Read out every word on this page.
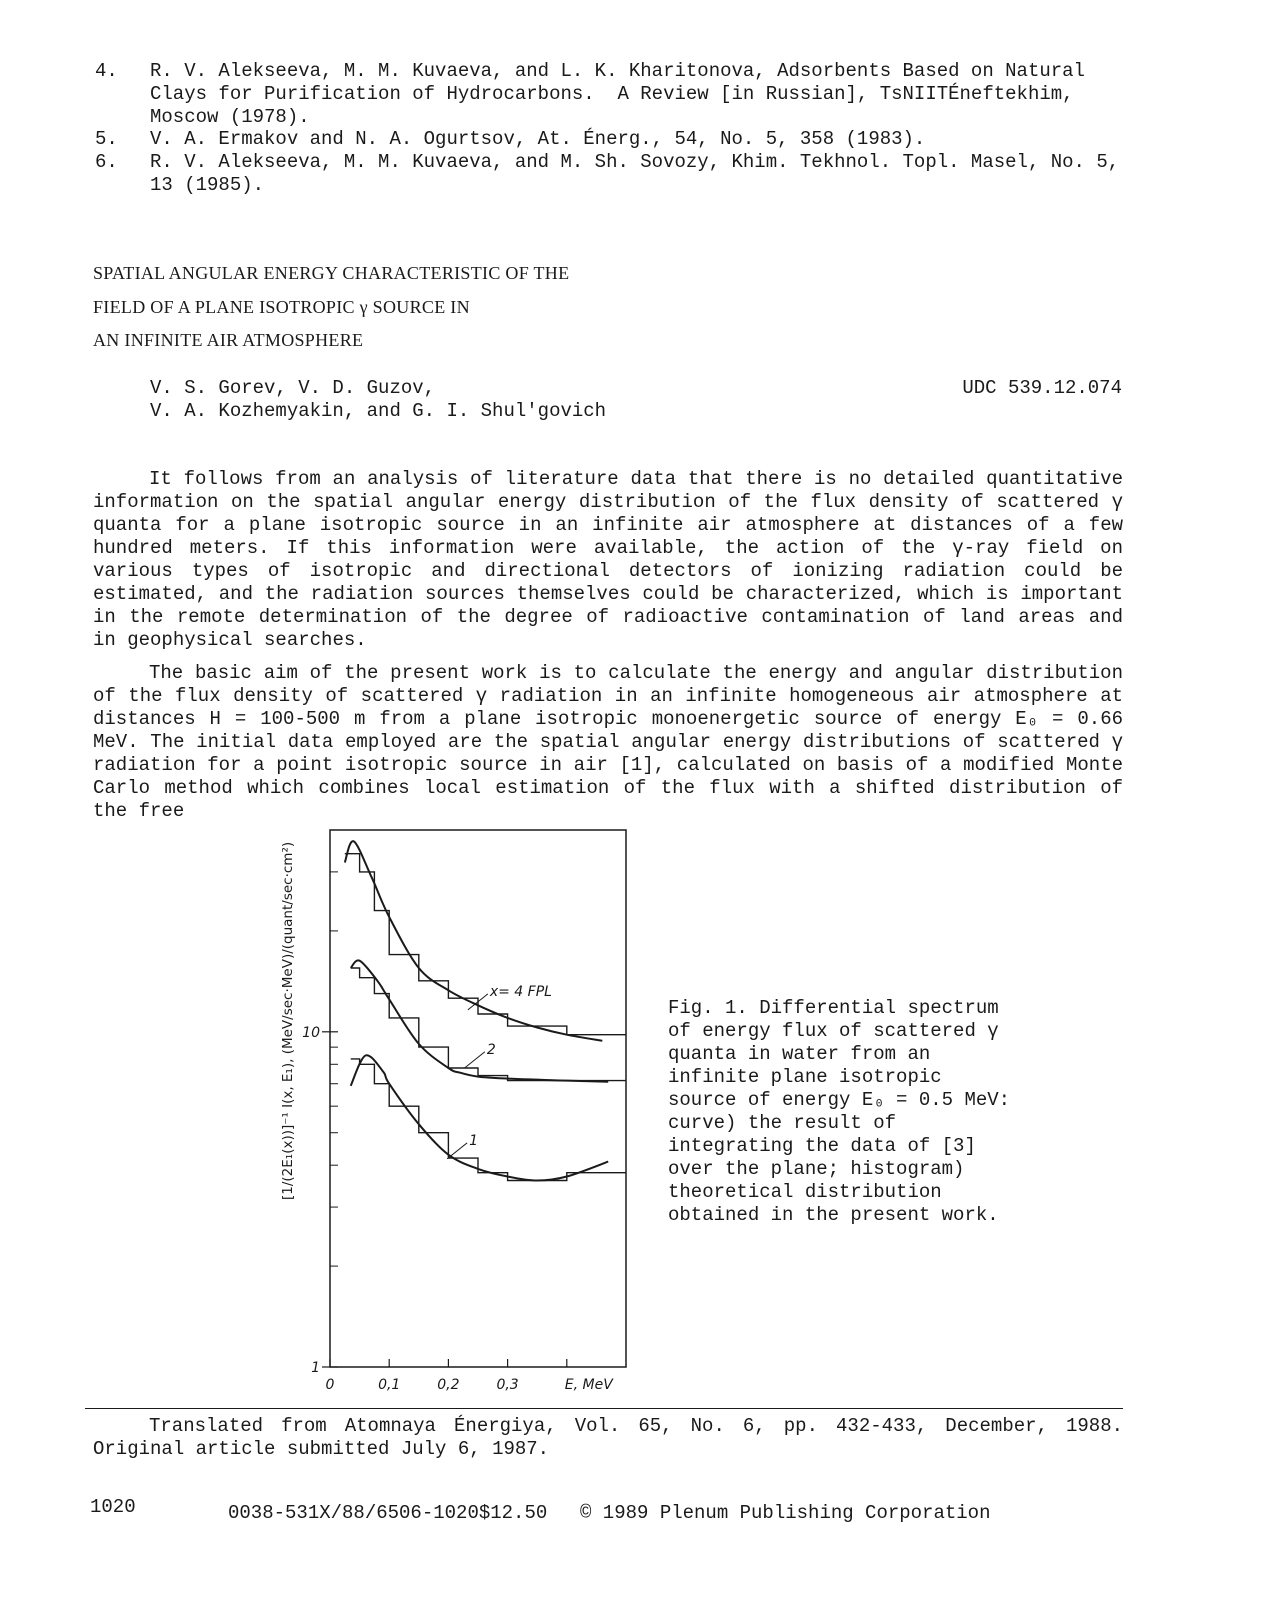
4. R. V. Alekseeva, M. M. Kuvaeva, and L. K. Kharitonova, Adsorbents Based on Natural
Clays for Purification of Hydrocarbons.  A Review [in Russian], TsNIITÉneftekhim,
Moscow (1978).
5. V. A. Ermakov and N. A. Ogurtsov, At. Énerg., 54, No. 5, 358 (1983).
6. R. V. Alekseeva, M. M. Kuvaeva, and M. Sh. Sovozy, Khim. Tekhnol. Topl. Masel, No. 5,
13 (1985).
SPATIAL ANGULAR ENERGY CHARACTERISTIC OF THE
FIELD OF A PLANE ISOTROPIC γ SOURCE IN
AN INFINITE AIR ATMOSPHERE
V. S. Gorev, V. D. Guzov,
V. A. Kozhemyakin, and G. I. Shul'govich
UDC 539.12.074

It follows from an analysis of literature data that there is no detailed quantitative information on the spatial angular energy distribution of the flux density of scattered γ quanta for a plane isotropic source in an infinite air atmosphere at distances of a few hundred meters. If this information were available, the action of the γ-ray field on various types of isotropic and directional detectors of ionizing radiation could be estimated, and the radiation sources themselves could be characterized, which is important in the remote determination of the degree of radioactive contamination of land areas and in geophysical searches.

The basic aim of the present work is to calculate the energy and angular distribution of the flux density of scattered γ radiation in an infinite homogeneous air atmosphere at distances H = 100-500 m from a plane isotropic monoenergetic source of energy E₀ = 0.66 MeV. The initial data employed are the spatial angular energy distributions of scattered γ radiation for a point isotropic source in air [1], calculated on basis of a modified Monte Carlo method which combines local estimation of the flux with a shifted distribution of the free

1
10
0	0,1	0,2	0,3	E, MeV
x= 4 FPL
2
1
[1/(2E₁(x))]⁻¹ I(x, E₁), (MeV/sec·MeV)/(quant/sec·cm²)	Fig. 1. Differential spectrum of energy flux of scattered γ quanta in water from an infinite plane isotropic source of energy E₀ = 0.5 MeV: curve) the result of integrating the data of [3] over the plane; histogram) theoretical distribution obtained in the present work.

Translated from Atomnaya Énergiya, Vol. 65, No. 6, pp. 432-433, December, 1988. Original article submitted July 6, 1987.

1020	0038-531X/88/6506-1020$12.50 © 1989 Plenum Publishing Corporation
